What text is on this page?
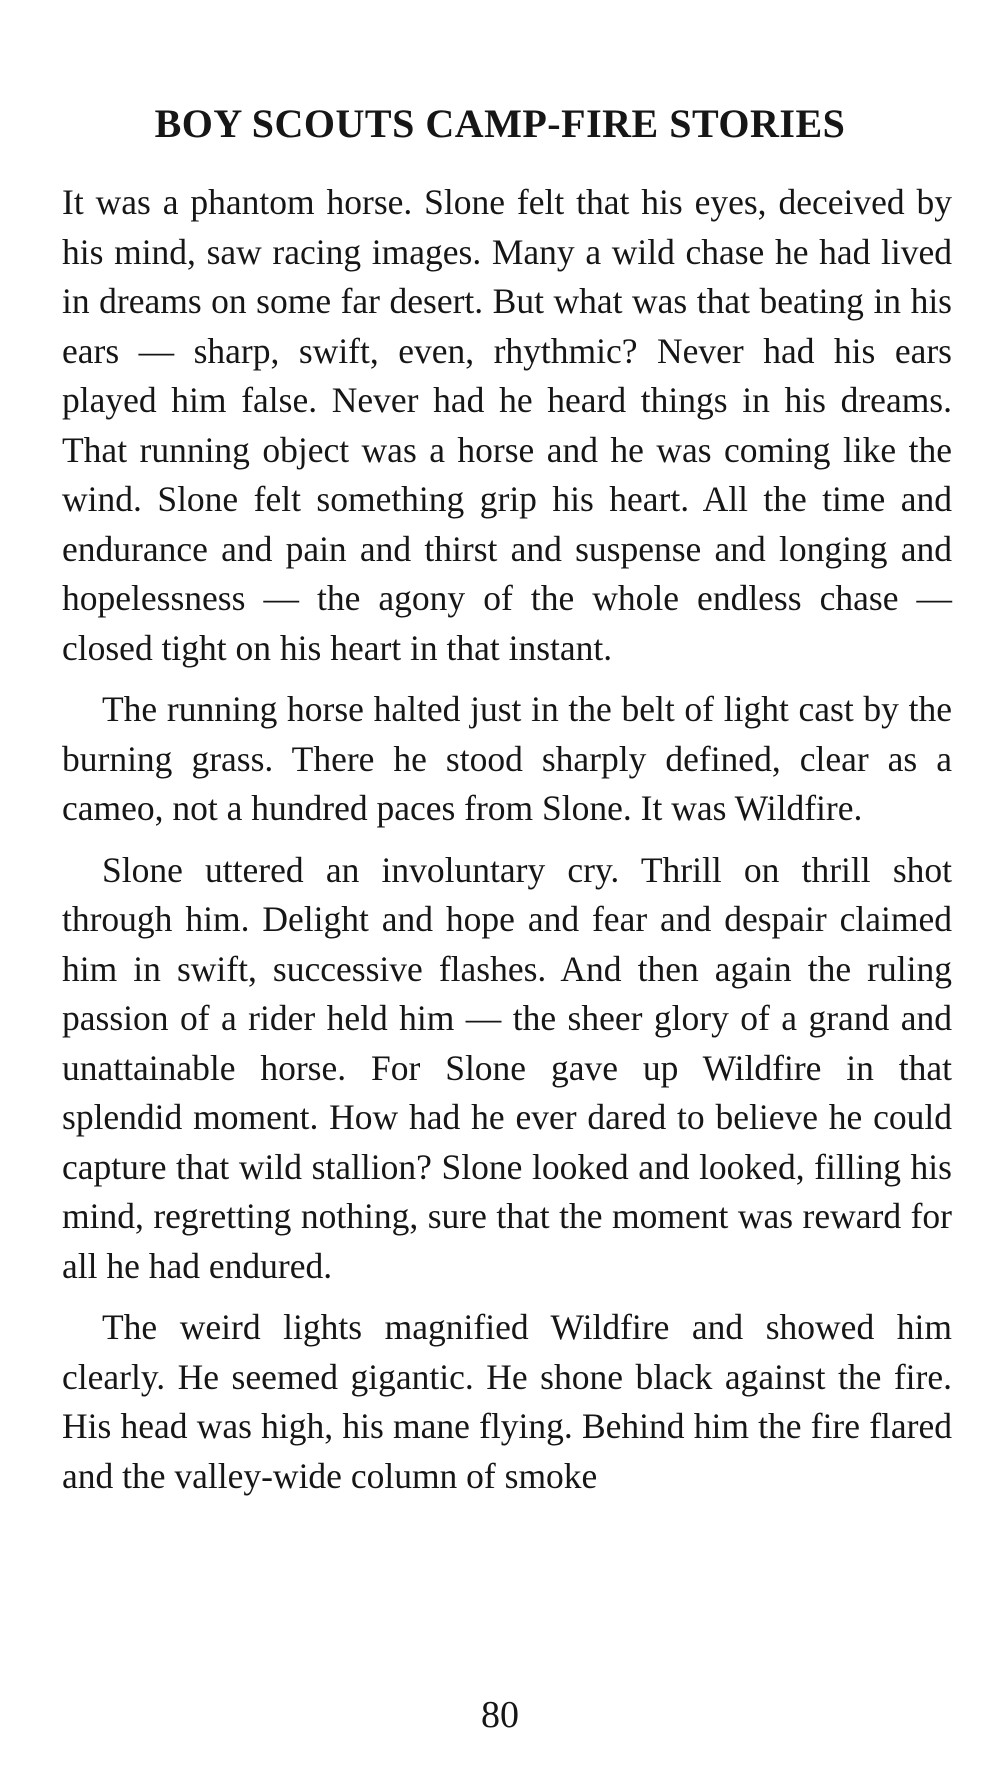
BOY SCOUTS CAMP-FIRE STORIES

It was a phantom horse. Slone felt that his eyes, deceived by his mind, saw racing images. Many a wild chase he had lived in dreams on some far desert. But what was that beating in his ears — sharp, swift, even, rhythmic? Never had his ears played him false. Never had he heard things in his dreams. That running object was a horse and he was coming like the wind. Slone felt something grip his heart. All the time and endurance and pain and thirst and suspense and longing and hopelessness — the agony of the whole endless chase — closed tight on his heart in that instant.

The running horse halted just in the belt of light cast by the burning grass. There he stood sharply defined, clear as a cameo, not a hundred paces from Slone. It was Wildfire.

Slone uttered an involuntary cry. Thrill on thrill shot through him. Delight and hope and fear and despair claimed him in swift, successive flashes. And then again the ruling passion of a rider held him — the sheer glory of a grand and unattainable horse. For Slone gave up Wildfire in that splendid moment. How had he ever dared to believe he could capture that wild stallion? Slone looked and looked, filling his mind, regretting nothing, sure that the moment was reward for all he had endured.

The weird lights magnified Wildfire and showed him clearly. He seemed gigantic. He shone black against the fire. His head was high, his mane flying. Behind him the fire flared and the valley-wide column of smoke

80
